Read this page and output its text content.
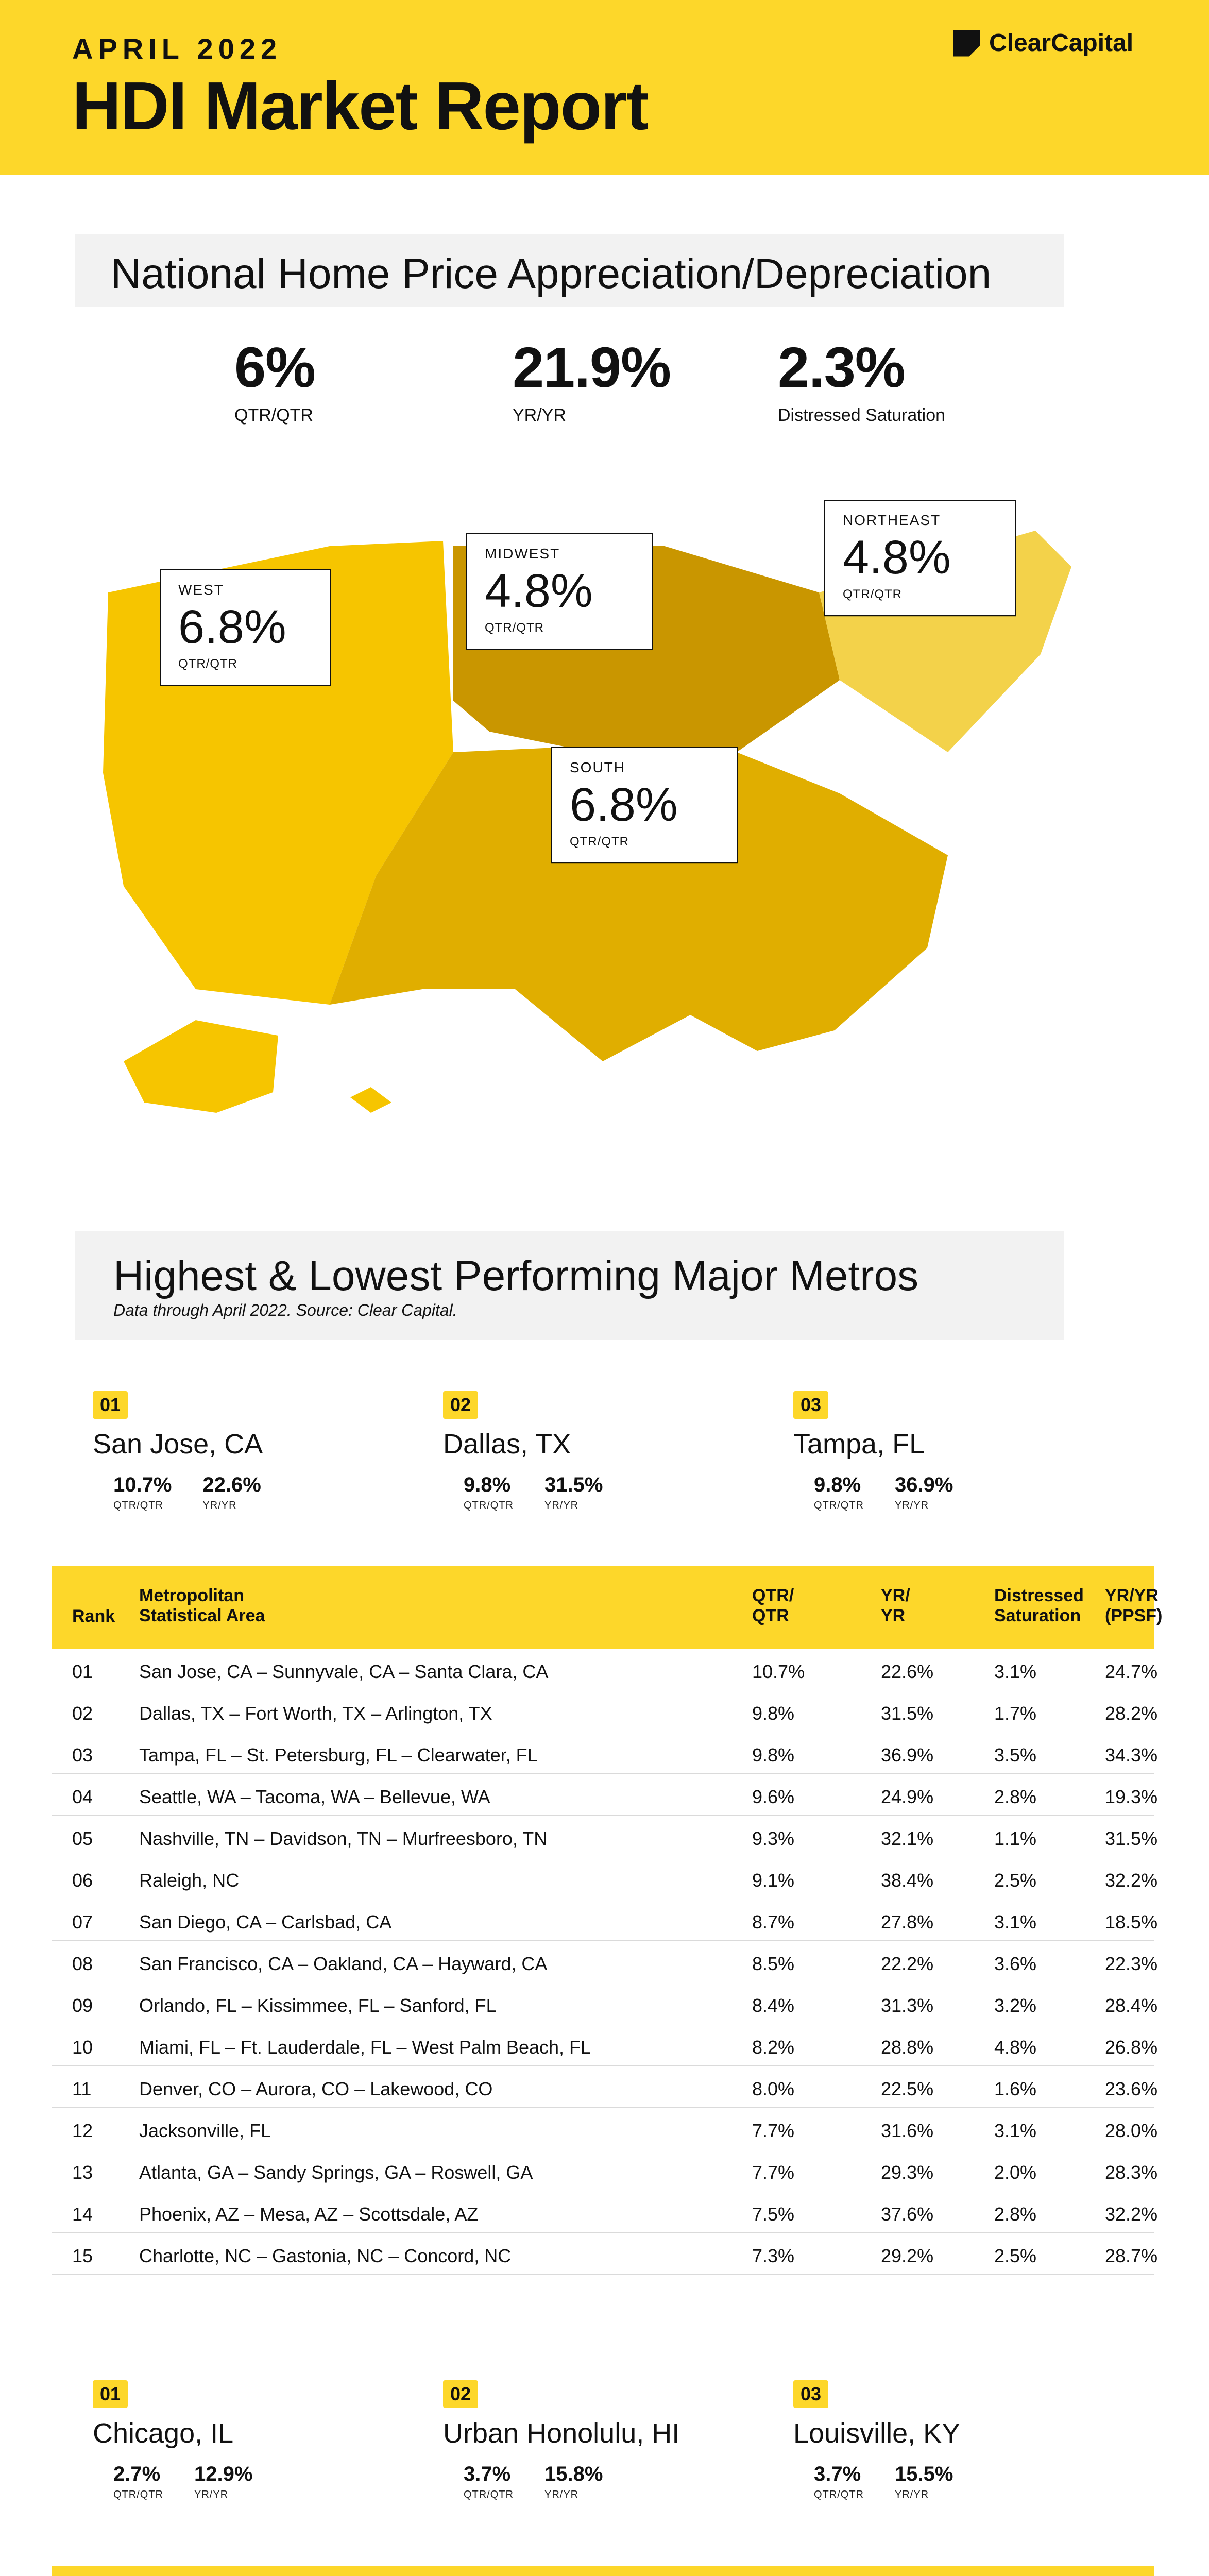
APRIL 2022
HDI Market Report
ClearCapital
National Home Price Appreciation/Depreciation
6%
QTR/QTR
21.9%
YR/YR
2.3%
Distressed Saturation
WEST
6.8%
QTR/QTR
MIDWEST
4.8%
QTR/QTR
NORTHEAST
4.8%
QTR/QTR
SOUTH
6.8%
QTR/QTR
Highest & Lowest Performing Major Metros
Data through April 2022. Source: Clear Capital.
01
San Jose, CA
10.7%
QTR/QTR
22.6%
YR/YR
02
Dallas, TX
9.8%
QTR/QTR
31.5%
YR/YR
03
Tampa, FL
9.8%
QTR/QTR
36.9%
YR/YR
Rank
Metropolitan
Statistical Area
QTR/
QTR
YR/
YR
Distressed
Saturation
YR/YR
(PPSF)
01 San Jose, CA – Sunnyvale, CA – Santa Clara, CA	10.7%	22.6%	3.1%	24.7%
02 Dallas, TX – Fort Worth, TX – Arlington, TX	9.8%	31.5%	1.7%	28.2%
03 Tampa, FL – St. Petersburg, FL – Clearwater, FL	9.8%	36.9%	3.5%	34.3%
04 Seattle, WA – Tacoma, WA – Bellevue, WA	9.6%	24.9%	2.8%	19.3%
05 Nashville, TN – Davidson, TN – Murfreesboro, TN	9.3%	32.1%	1.1%	31.5%
06 Raleigh, NC	9.1%	38.4%	2.5%	32.2%
07 San Diego, CA – Carlsbad, CA	8.7%	27.8%	3.1%	18.5%
08 San Francisco, CA – Oakland, CA – Hayward, CA	8.5%	22.2%	3.6%	22.3%
09 Orlando, FL – Kissimmee, FL – Sanford, FL	8.4%	31.3%	3.2%	28.4%
10 Miami, FL – Ft. Lauderdale, FL – West Palm Beach, FL	8.2%	28.8%	4.8%	26.8%
11	Denver, CO – Aurora, CO – Lakewood, CO	8.0%	22.5%	1.6%	23.6%
12 Jacksonville, FL	7.7%	31.6%	3.1%	28.0%
13 Atlanta, GA – Sandy Springs, GA – Roswell, GA	7.7%	29.3%	2.0%	28.3%
14 Phoenix, AZ – Mesa, AZ – Scottsdale, AZ	7.5%	37.6%	2.8%	32.2%
15 Charlotte, NC – Gastonia, NC – Concord, NC	7.3%	29.2%	2.5%	28.7%
01
Chicago, IL
2.7%
QTR/QTR
12.9%
YR/YR
02
Urban Honolulu, HI
3.7%
QTR/QTR
15.8%
YR/YR
03
Louisville, KY
3.7%
QTR/QTR
15.5%
YR/YR
